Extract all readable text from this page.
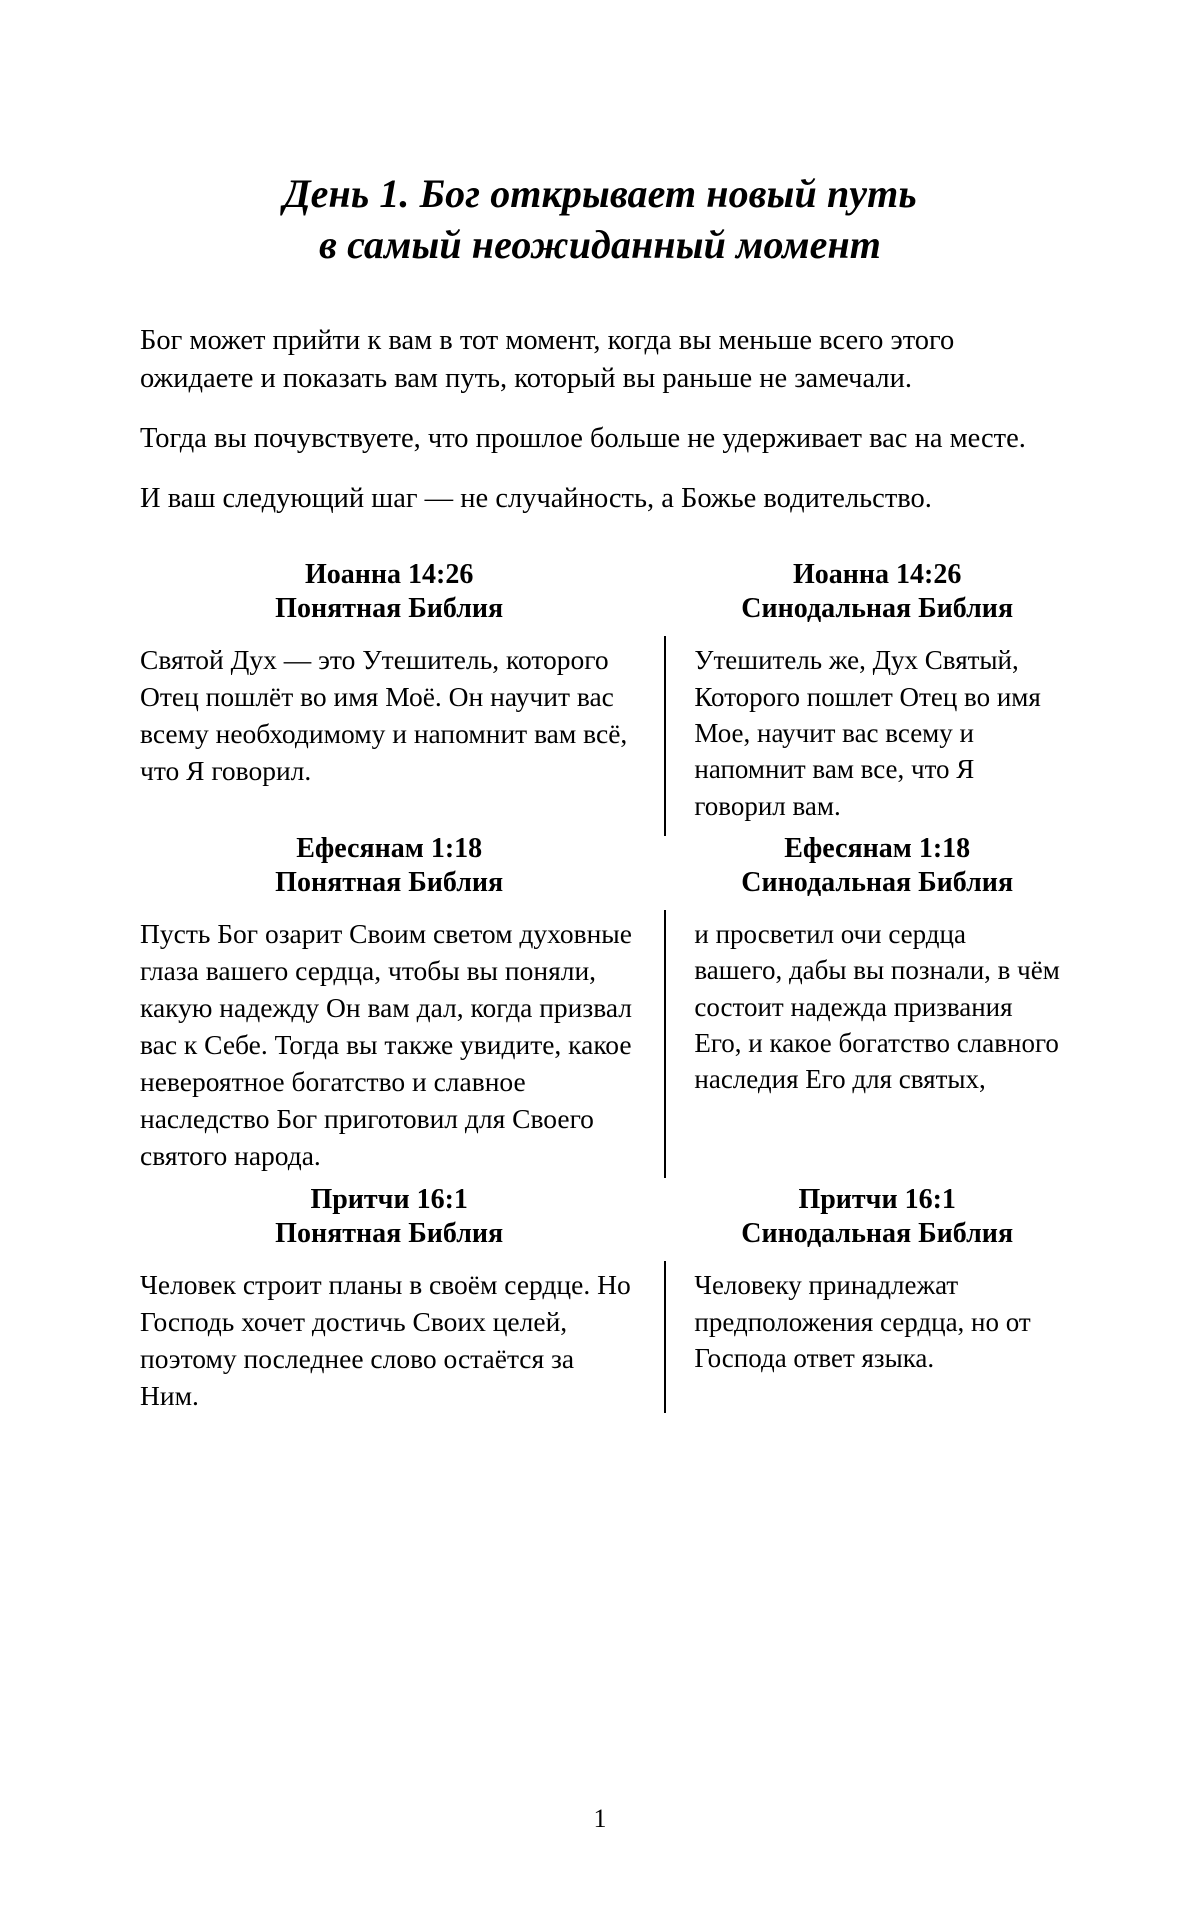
День 1. Бог открывает новый путь
в самый неожиданный момент

Бог может прийти к вам в тот момент, когда вы меньше всего этого ожидаете и показать вам путь, который вы раньше не замечали.

Тогда вы почувствуете, что прошлое больше не удерживает вас на месте.

И ваш следующий шаг — не случайность, а Божье водительство.

Иоанна 14:26
Понятная Библия

Святой Дух — это Утешитель, которого Отец пошлёт во имя Моё. Он научит вас всему необходимому и напомнит вам всё, что Я говорил.

Иоанна 14:26
Синодальная Библия

Утешитель же, Дух Святый, Которого пошлет Отец во имя Мое, научит вас всему и напомнит вам все, что Я говорил вам.

Ефесянам 1:18
Понятная Библия

Пусть Бог озарит Своим светом духовные глаза вашего сердца, чтобы вы поняли, какую надежду Он вам дал, когда призвал вас к Себе. Тогда вы также увидите, какое невероятное богатство и славное наследство Бог приготовил для Своего святого народа.

Ефесянам 1:18
Синодальная Библия

и просветил очи сердца вашего, дабы вы познали, в чём состоит надежда призвания Его, и какое богатство славного наследия Его для святых,

Притчи 16:1
Понятная Библия

Человек строит планы в своём сердце. Но Господь хочет достичь Своих целей, поэтому последнее слово остаётся за Ним.

Притчи 16:1
Синодальная Библия

Человеку принадлежат предположения сердца, но от Господа ответ языка.

1
